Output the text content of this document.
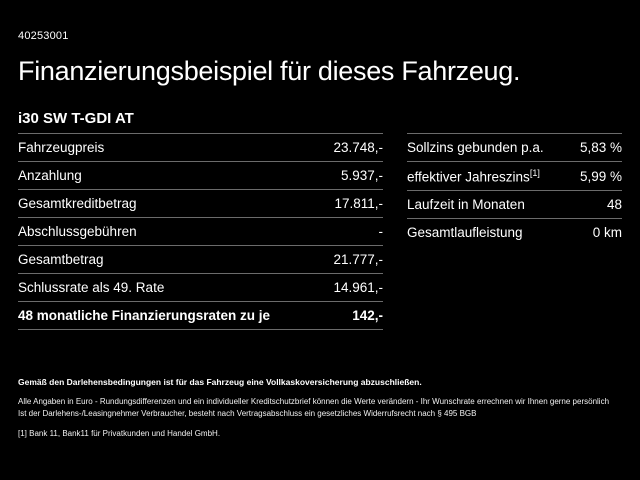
40253001
Finanzierungsbeispiel für dieses Fahrzeug.
i30 SW T-GDI AT
Fahrzeugpreis	23.748,-
Anzahlung	5.937,-
Gesamtkreditbetrag	17.811,-
Abschlussgebühren	-
Gesamtbetrag	21.777,-
Schlussrate als 49. Rate	14.961,-
48 monatliche Finanzierungsraten zu je	142,-
Sollzins gebunden p.a.	5,83 %
effektiver Jahreszins[1]	5,99 %
Laufzeit in Monaten	48
Gesamtlaufleistung	0 km

Gemäß den Darlehensbedingungen ist für das Fahrzeug eine Vollkaskoversicherung abzuschließen.

Alle Angaben in Euro - Rundungsdifferenzen und ein individueller Kreditschutzbrief können die Werte verändern - Ihr Wunschrate errechnen wir Ihnen gerne persönlich

Ist der Darlehens-/Leasingnehmer Verbraucher, besteht nach Vertragsabschluss ein gesetzliches Widerrufsrecht nach § 495 BGB

[1] Bank 11, Bank11 für Privatkunden und Handel GmbH.
